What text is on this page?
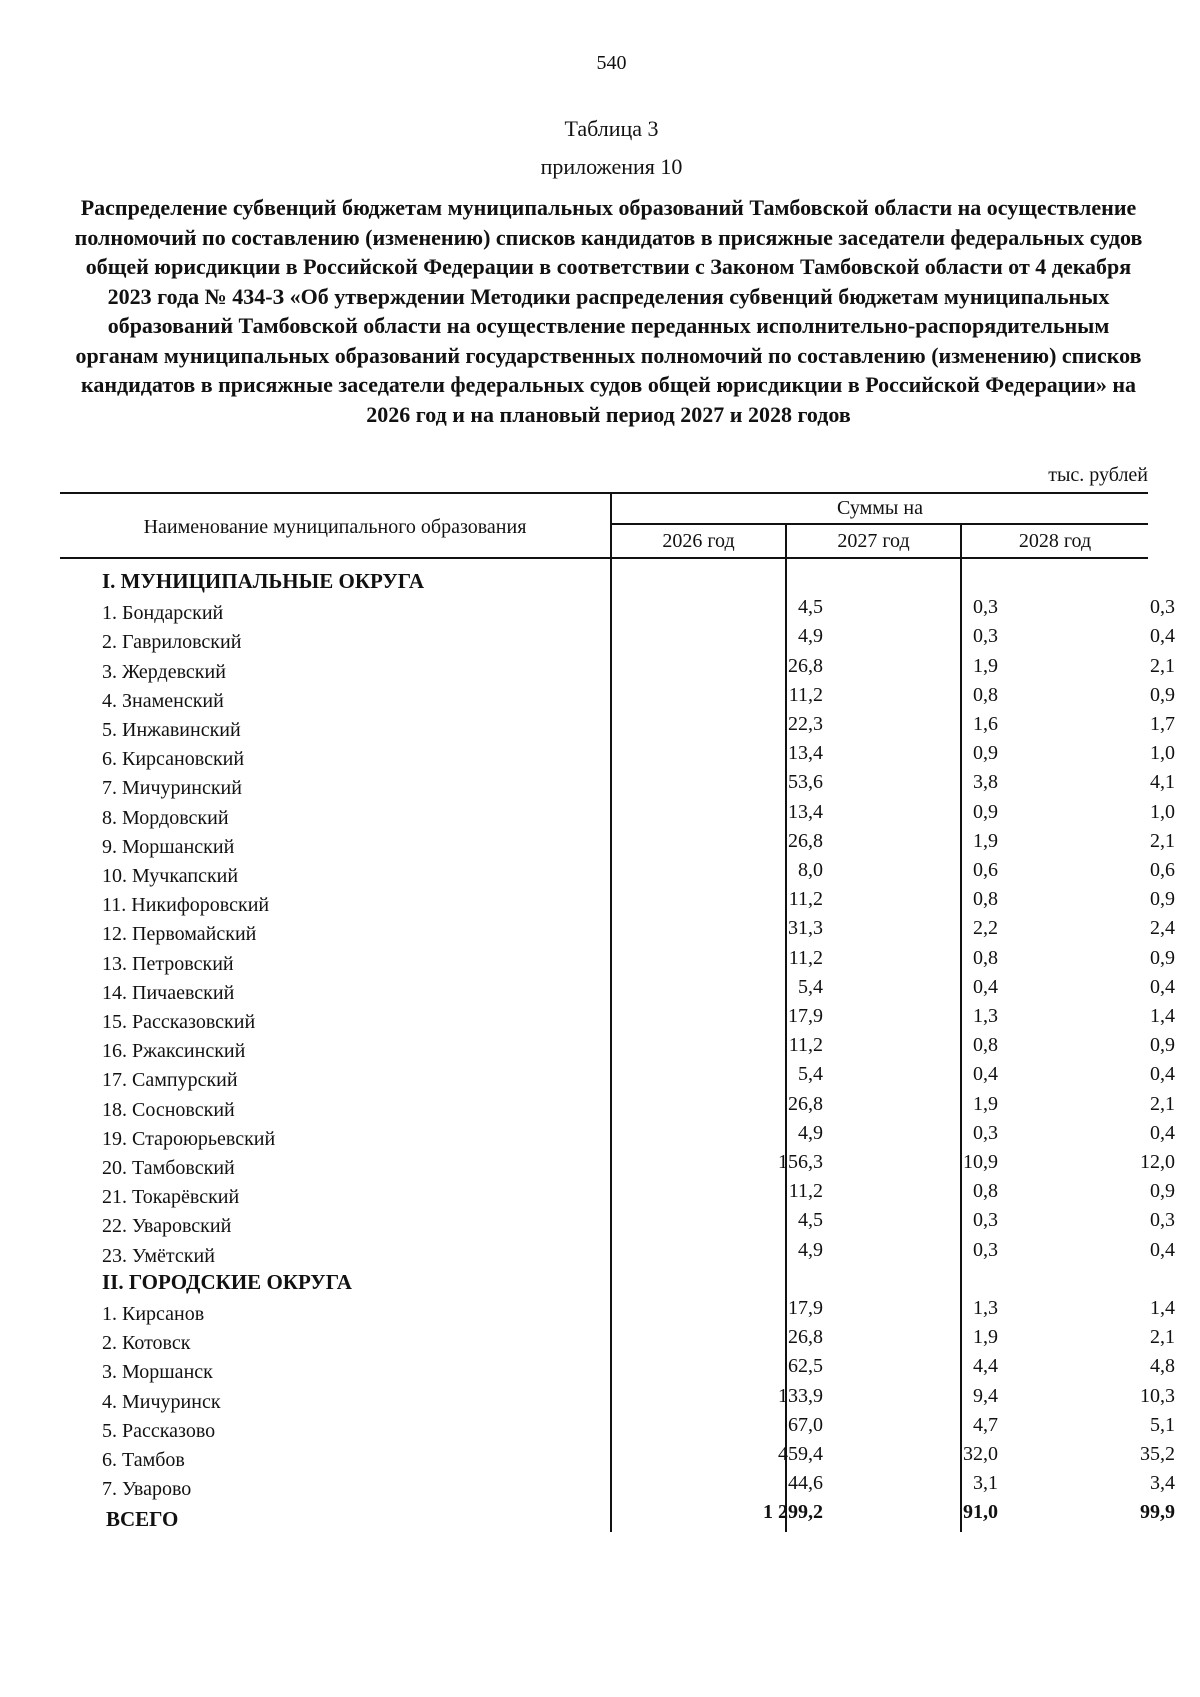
540
Таблица 3
приложения 10
Распределение субвенций бюджетам муниципальных образований Тамбовской области на осуществление полномочий по составлению (изменению) списков кандидатов в присяжные заседатели федеральных судов общей юрисдикции в Российской Федерации в соответствии с Законом Тамбовской области от 4 декабря 2023 года № 434-З «Об утверждении Методики распределения субвенций бюджетам муниципальных образований Тамбовской области на осуществление переданных исполнительно-распорядительным органам муниципальных образований государственных полномочий по составлению (изменению) списков кандидатов в присяжные заседатели федеральных судов общей юрисдикции в Российской Федерации» на 2026 год и на плановый период 2027 и 2028 годов
тыс. рублей
Наименование муниципального образования
Суммы на
2026 год	2027 год	2028 год
I. МУНИЦИПАЛЬНЫЕ ОКРУГА
1. Бондарский	4,5	0,3	0,3
2. Гавриловский	4,9	0,3	0,4
3. Жердевский	26,8	1,9	2,1
4. Знаменский	11,2	0,8	0,9
5. Инжавинский	22,3	1,6	1,7
6. Кирсановский	13,4	0,9	1,0
7. Мичуринский	53,6	3,8	4,1
8. Мордовский	13,4	0,9	1,0
9. Моршанский	26,8	1,9	2,1
10. Мучкапский	8,0	0,6	0,6
11. Никифоровский	11,2	0,8	0,9
12. Первомайский	31,3	2,2	2,4
13. Петровский	11,2	0,8	0,9
14. Пичаевский	5,4	0,4	0,4
15. Рассказовский	17,9	1,3	1,4
16. Ржаксинский	11,2	0,8	0,9
17. Сампурский	5,4	0,4	0,4
18. Сосновский	26,8	1,9	2,1
19. Староюрьевский	4,9	0,3	0,4
20. Тамбовский	156,3	10,9	12,0
21. Токарёвский	11,2	0,8	0,9
22. Уваровский	4,5	0,3	0,3
23. Умётский	4,9	0,3	0,4
II. ГОРОДСКИЕ ОКРУГА
1. Кирсанов	17,9	1,3	1,4
2. Котовск	26,8	1,9	2,1
3. Моршанск	62,5	4,4	4,8
4. Мичуринск	133,9	9,4	10,3
5. Рассказово	67,0	4,7	5,1
6. Тамбов	459,4	32,0	35,2
7. Уварово	44,6	3,1	3,4
ВСЕГО	1 299,2	91,0	99,9
